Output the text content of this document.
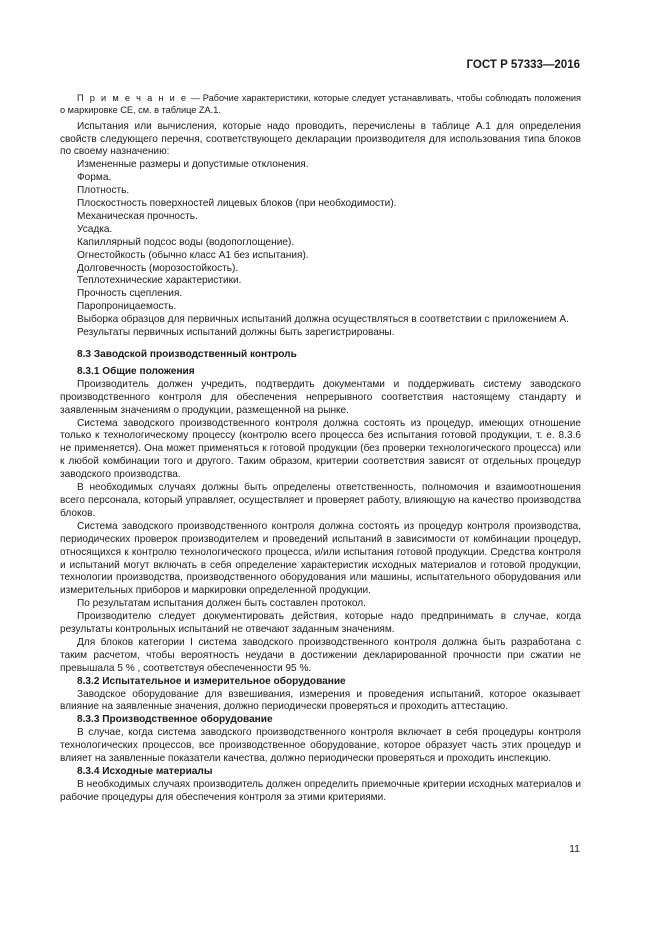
ГОСТ Р 57333—2016

П р и м е ч а н и е — Рабочие характеристики, которые следует устанавливать, чтобы соблюдать положения о маркировке СЕ, см. в таблице ZA.1.

Испытания или вычисления, которые надо проводить, перечислены в таблице А.1 для определения свойств следующего перечня, соответствующего декларации производителя для использования типа блоков по своему назначению:

Измененные размеры и допустимые отклонения.

Форма.

Плотность.

Плоскостность поверхностей лицевых блоков (при необходимости).

Механическая прочность.

Усадка.

Капиллярный подсос воды (водопоглощение).

Огнестойкость (обычно класс А1 без испытания).

Долговечность (морозостойкость).

Теплотехнические характеристики.

Прочность сцепления.

Паропроницаемость.

Выборка образцов для первичных испытаний должна осуществляться в соответствии с приложением А.

Результаты первичных испытаний должны быть зарегистрированы.

8.3 Заводской производственный контроль

8.3.1 Общие положения

Производитель должен учредить, подтвердить документами и поддерживать систему заводского производственного контроля для обеспечения непрерывного соответствия настоящему стандарту и заявленным значениям о продукции, размещенной на рынке.

Система заводского производственного контроля должна состоять из процедур, имеющих отношение только к технологическому процессу (контролю всего процесса без испытания готовой продукции, т. е. 8.3.6 не применяется). Она может применяться к готовой продукции (без проверки технологического процесса) или к любой комбинации того и другого. Таким образом, критерии соответствия зависят от отдельных процедур заводского производства.

В необходимых случаях должны быть определены ответственность, полномочия и взаимоотношения всего персонала, который управляет, осуществляет и проверяет работу, влияющую на качество производства блоков.

Система заводского производственного контроля должна состоять из процедур контроля производства, периодических проверок производителем и проведений испытаний в зависимости от комбинации процедур, относящихся к контролю технологического процесса, и/или испытания готовой продукции. Средства контроля и испытаний могут включать в себя определение характеристик исходных материалов и готовой продукции, технологии производства, производственного оборудования или машины, испытательного оборудования или измерительных приборов и маркировки определенной продукции.

По результатам испытания должен быть составлен протокол.

Производителю следует документировать действия, которые надо предпринимать в случае, когда результаты контрольных испытаний не отвечают заданным значениям.

Для блоков категории I система заводского производственного контроля должна быть разработана с таким расчетом, чтобы вероятность неудачи в достижении декларированной прочности при сжатии не превышала 5 % , соответствуя обеспеченности 95 %.

8.3.2 Испытательное и измерительное оборудование

Заводское оборудование для взвешивания, измерения и проведения испытаний, которое оказывает влияние на заявленные значения, должно периодически проверяться и проходить аттестацию.

8.3.3 Производственное оборудование

В случае, когда система заводского производственного контроля включает в себя процедуры контроля технологических процессов, все производственное оборудование, которое образует часть этих процедур и влияет на заявленные показатели качества, должно периодически проверяться и проходить инспекцию.

8.3.4 Исходные материалы

В необходимых случаях производитель должен определить приемочные критерии исходных материалов и рабочие процедуры для обеспечения контроля за этими критериями.

11
